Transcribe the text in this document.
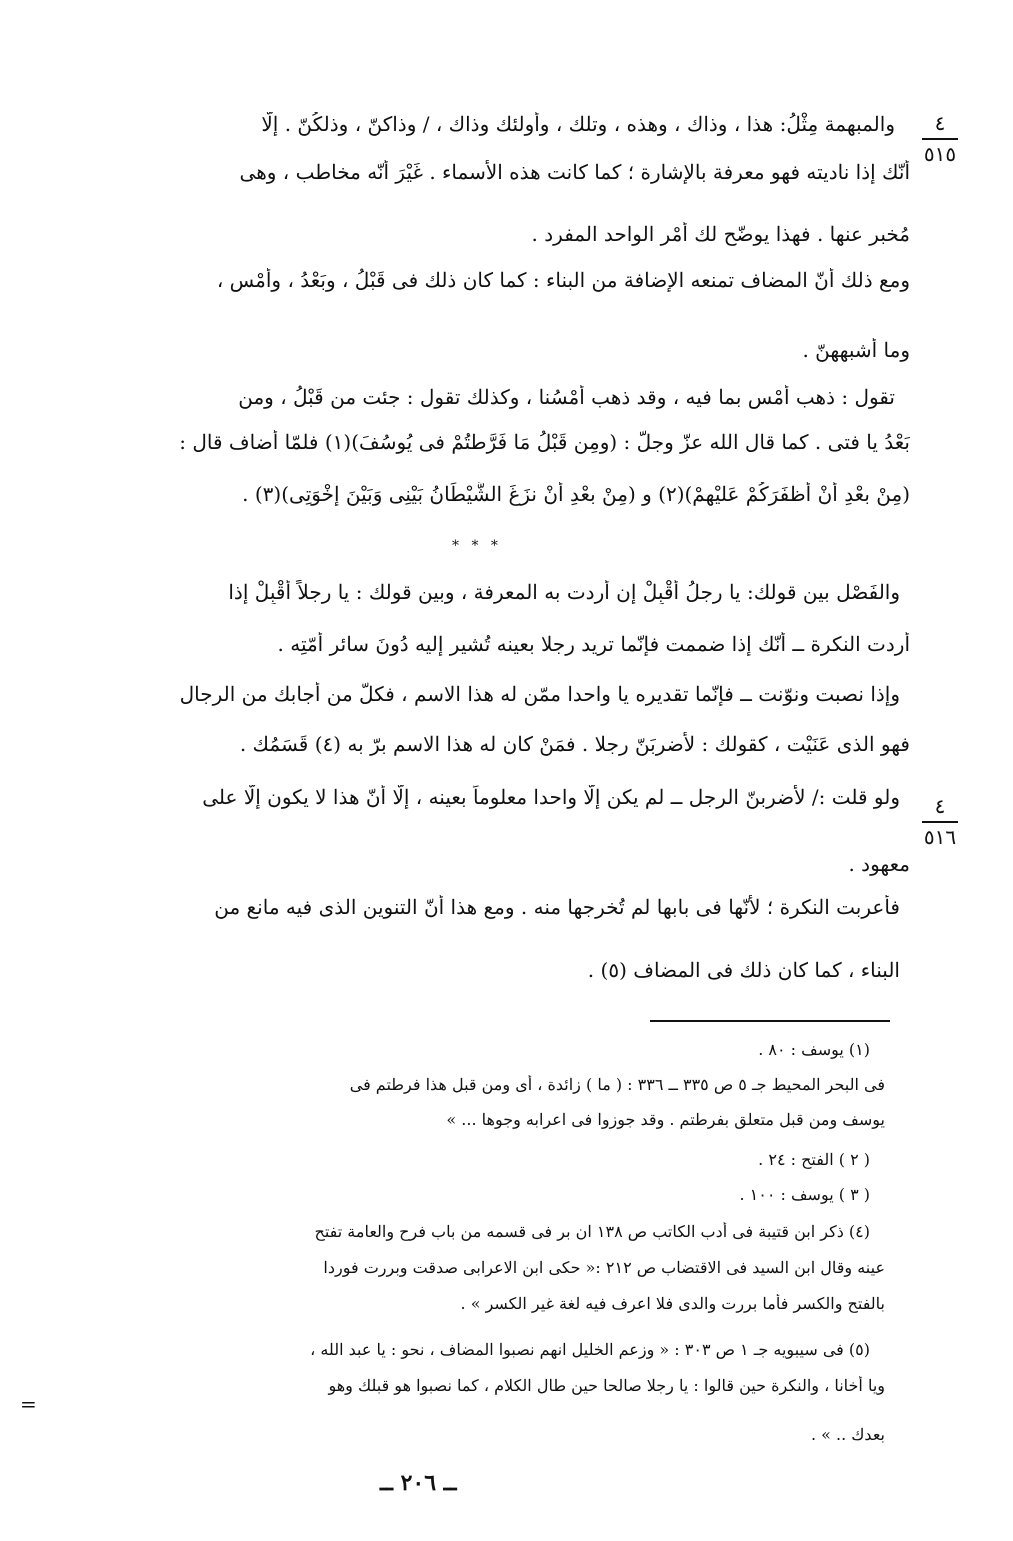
٤
٥١٥
٤
٥١٦
والمبهمة مِثْلُ: هذا ، وذاك ، وهذه ، وتلك ، وأُولئك وذاك ، / وذاكنّ ، وذلكُنّ . إلّا
أنّك إذا ناديته فهو معرفة بالإشارة ؛ كما كانت هذه الأسماء . غَيْرَ أنّه مخاطب ، وهى
مُخبر عنها . فهذا يوضّح لك أَمْر الواحد المفرد .
ومع ذلك أنّ المضاف تمنعه الإضافة من البناء : كما كان ذلك فى قَبْلُ ، وبَعْدُ ، وأَمْسِ ،
وما أشبههنّ .
تقول : ذهب أَمْسِ بما فيه ، وقد ذهب أَمْسُنا ، وكذلك تقول : جئت من قَبْلُ ، ومن
بَعْدُ يا فتى . كما قال الله عزّ وجلّ : (ومِن قَبْلُ مَا فَرَّطتُمْ فى يُوسُفَ)(١) فلمّا أضاف قال :
(مِنْ بعْدِ أَنْ أظفَرَكُمْ عَليْهِمْ)(٢) و (مِنْ بعْدِ أَنْ نزَغَ الشَّيْطَانُ بَيْنِى وَبَيْنَ إِخْوَتِى)(٣) .
* * *
والفَصْل بين قولك: يا رجلُ أقْبِلْ إن أردت به المعرفة ، وبين قولك : يا رجلاً أقْبِلْ إذا
أردت النكرة ــ أنّك إذا ضممت فإنّما تريد رجلا بعينه تُشير إليه دُونَ سائر أُمّتِه .
وإذا نصبت ونوّنت ــ فإنّما تقديره يا واحدا ممّن له هذا الاسم ، فكلُّ من أجابك من الرجال
فهو الذى عَنَيْت ، كقولك : لأَضربَنّ رجلا . فمَنْ كان له هذا الاسم برّ به (٤) قَسَمُك .
ولو قلت :/ لأضربنّ الرجل ــ لم يكن إلّا واحدا معلوماً بعينه ، إلّا أنّ هذا لا يكون إلّا على
معهود .
فأعربت النكرة ؛ لأنّها فى بابها لم تُخرجها منه . ومع هذا أنّ التنوين الذى فيه مانع من
البناء ، كما كان ذلك فى المضاف (٥) .
(١) يوسف : ٨٠ .
فى البحر المحيط جـ ٥ ص ٣٣٥ ــ ٣٣٦ : ( ما ) زائدة ، أى ومن قبل هذا فرطتم فى
يوسف ومن قبل متعلق بفرطتم . وقد جوزوا فى اعرابه وجوها ... »
( ٢ ) الفتح : ٢٤ .
( ٣ ) يوسف : ١٠٠ .
(٤) ذكر ابن قتيبة فى أدب الكاتب ص ١٣٨ ان بر فى قسمه من باب فرح والعامة تفتح
عينه وقال ابن السيد فى الاقتضاب ص ٢١٢ :« حكى ابن الاعرابى صدقت وبررت فوردا
بالفتح والكسر فأما بررت والدى فلا اعرف فيه لغة غير الكسر » .
(٥) فى سيبويه جـ ١ ص ٣٠٣ : « وزعم الخليل انهم نصبوا المضاف ، نحو : يا عبد الله ،
ويا أخانا ، والنكرة حين قالوا : يا رجلا صالحا حين طال الكلام ، كما نصبوا هو قبلك وهو
بعدك .. » .
=
ــ ٢٠٦ ــ
